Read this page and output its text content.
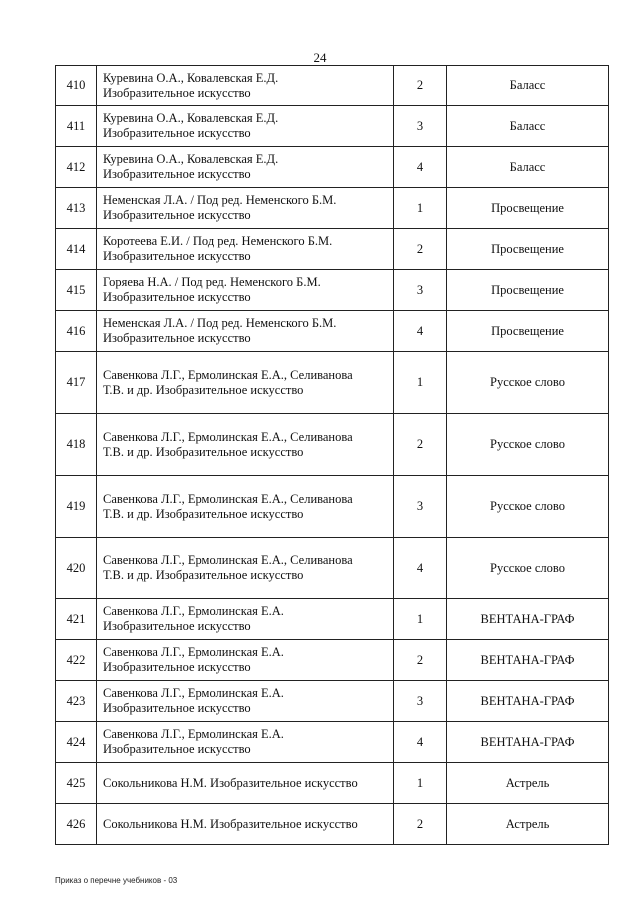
24
410	Куревина О.А., Ковалевская Е.Д.
Изобразительное искусство	2	Баласс
411	Куревина О.А., Ковалевская Е.Д.
Изобразительное искусство	3	Баласс
412	Куревина О.А., Ковалевская Е.Д.
Изобразительное искусство	4	Баласс
413	Неменская Л.А. / Под ред. Неменского Б.М.
Изобразительное искусство	1	Просвещение
414	Коротеева Е.И. / Под ред. Неменского Б.М.
Изобразительное искусство	2	Просвещение
415	Горяева Н.А. / Под ред. Неменского Б.М.
Изобразительное искусство	3	Просвещение
416	Неменская Л.А. / Под ред. Неменского Б.М.
Изобразительное искусство	4	Просвещение
417	Савенкова Л.Г., Ермолинская Е.А., Селиванова
Т.В. и др. Изобразительное искусство	1	Русское слово
418	Савенкова Л.Г., Ермолинская Е.А., Селиванова
Т.В. и др. Изобразительное искусство	2	Русское слово
419	Савенкова Л.Г., Ермолинская Е.А., Селиванова
Т.В. и др. Изобразительное искусство	3	Русское слово
420	Савенкова Л.Г., Ермолинская Е.А., Селиванова
Т.В. и др. Изобразительное искусство	4	Русское слово
421	Савенкова Л.Г., Ермолинская Е.А.
Изобразительное искусство	1	ВЕНТАНА-ГРАФ
422	Савенкова Л.Г., Ермолинская Е.А.
Изобразительное искусство	2	ВЕНТАНА-ГРАФ
423	Савенкова Л.Г., Ермолинская Е.А.
Изобразительное искусство	3	ВЕНТАНА-ГРАФ
424	Савенкова Л.Г., Ермолинская Е.А.
Изобразительное искусство	4	ВЕНТАНА-ГРАФ
425	Сокольникова Н.М. Изобразительное искусство	1	Астрель
426	Сокольникова Н.М. Изобразительное искусство	2	Астрель
Приказ о перечне учебников - 03
